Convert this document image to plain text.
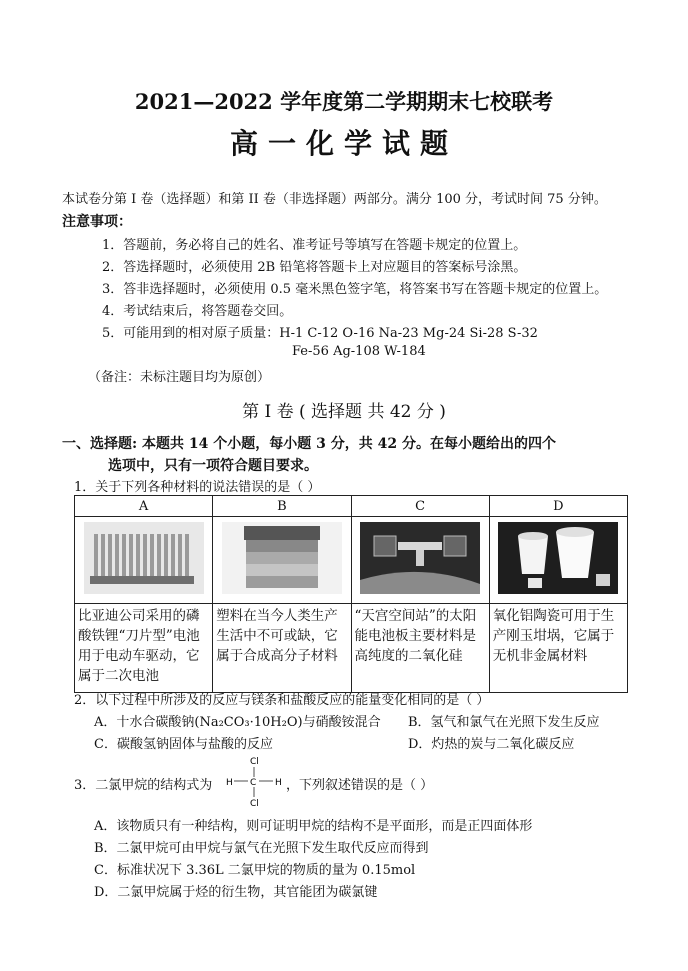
2021—2022 学年度第二学期期末七校联考
高一化学试题
本试卷分第 I 卷（选择题）和第 II 卷（非选择题）两部分。满分 100 分，考试时间 75 分钟。
注意事项：
1．答题前，务必将自己的姓名、准考证号等填写在答题卡规定的位置上。
2．答选择题时，必须使用 2B 铅笔将答题卡上对应题目的答案标号涂黑。
3．答非选择题时，必须使用 0.5 毫米黑色签字笔，将答案书写在答题卡规定的位置上。
4．考试结束后，将答题卷交回。
5．可能用到的相对原子质量：H-1 C-12 O-16 Na-23 Mg-24 Si-28 S-32
Fe-56 Ag-108 W-184
（备注：未标注题目均为原创）
第 I 卷 ( 选择题 共 42 分 )
一、选择题: 本题共 14 个小题，每小题 3 分，共 42 分。在每小题给出的四个
选项中，只有一项符合题目要求。
1．关于下列各种材料的说法错误的是（ ）
A	B	C	D

比亚迪公司采用的磷酸铁锂“刀片型”电池用于电动车驱动，它属于二次电池	塑料在当今人类生产生活中不可或缺，它属于合成高分子材料	“天宫空间站”的太阳能电池板主要材料是高纯度的二氧化硅	氧化铝陶瓷可用于生产刚玉坩埚，它属于无机非金属材料
2．以下过程中所涉及的反应与镁条和盐酸反应的能量变化相同的是（ ）
A．十水合碳酸钠(Na₂CO₃·10H₂O)与硝酸铵混合 B．氢气和氯气在光照下发生反应
C．碳酸氢钠固体与盐酸的反应	D．灼热的炭与二氧化碳反应
3．二氯甲烷的结构式为
Cl
H C H
Cl
，下列叙述错误的是（ ）
A．该物质只有一种结构，则可证明甲烷的结构不是平面形，而是正四面体形
B．二氯甲烷可由甲烷与氯气在光照下发生取代反应而得到
C．标准状况下 3.36L 二氯甲烷的物质的量为 0.15mol
D．二氯甲烷属于烃的衍生物，其官能团为碳氯键
